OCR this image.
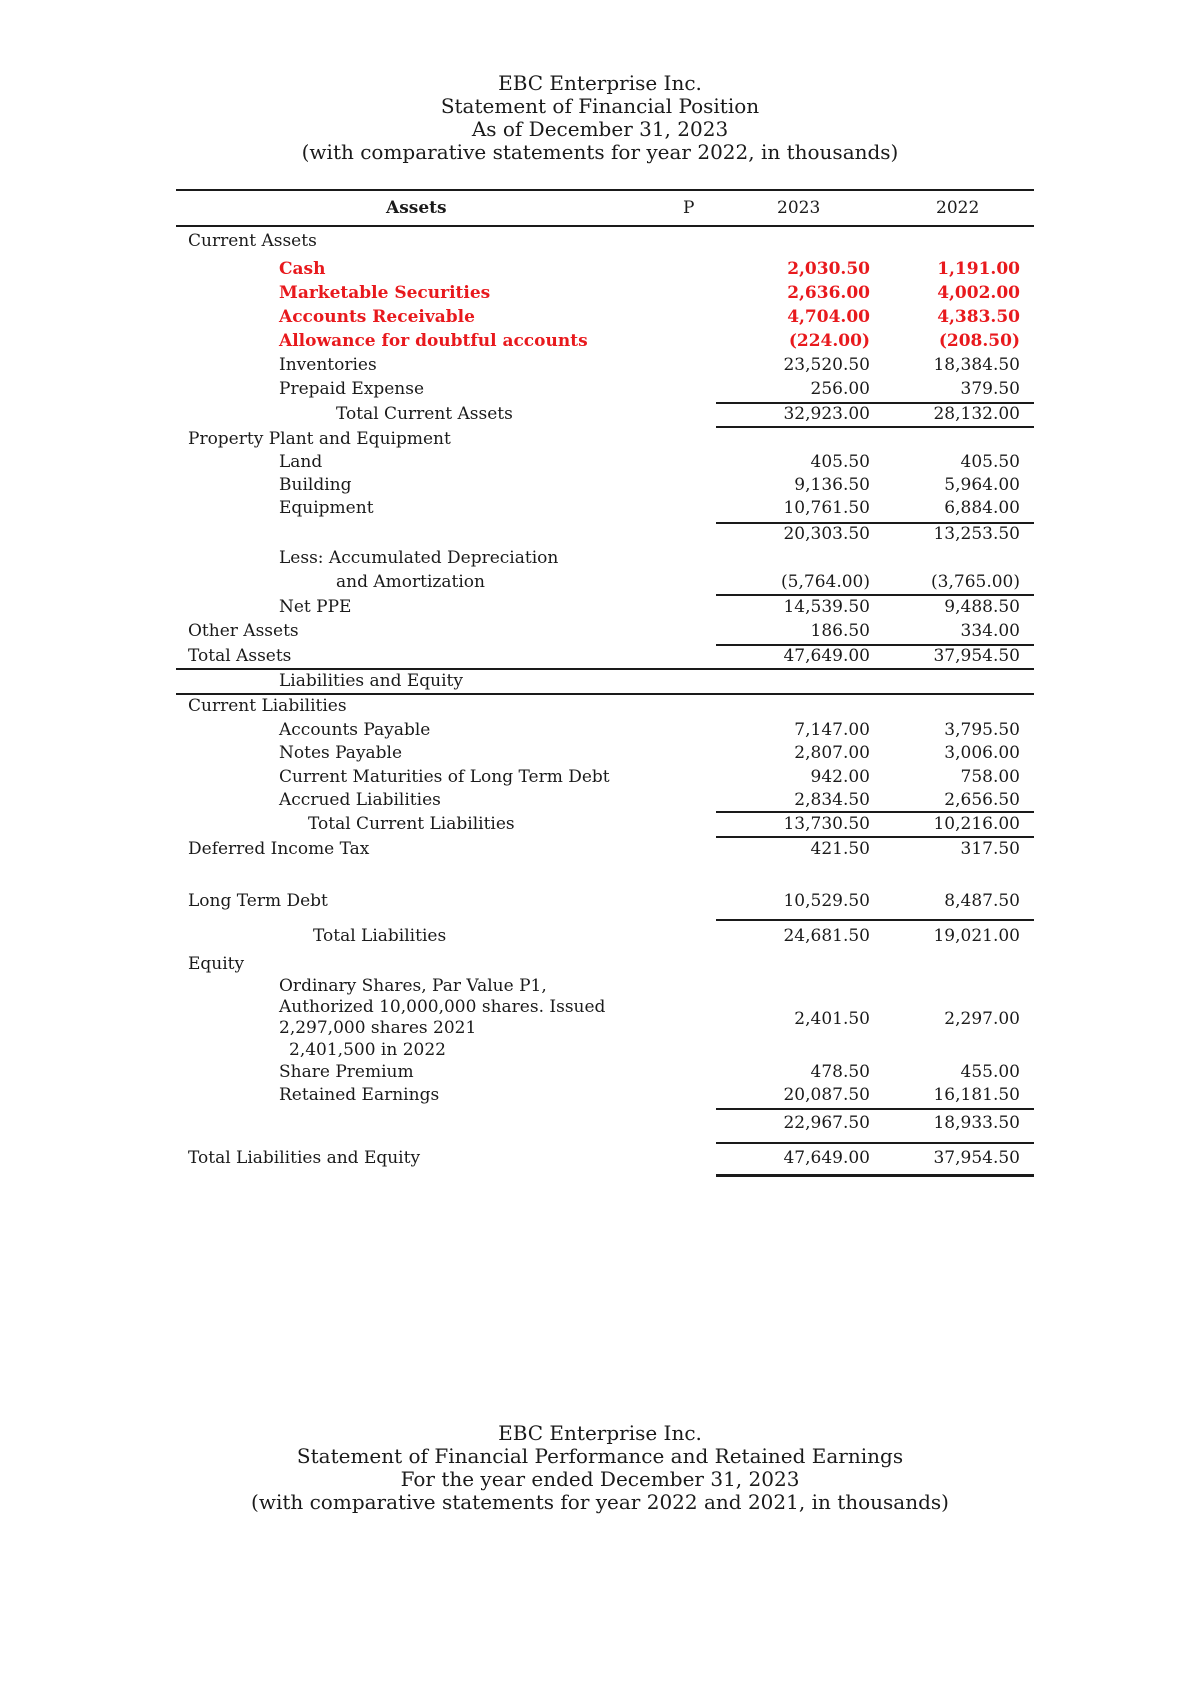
EBC Enterprise Inc.
Statement of Financial Position
As of December 31, 2023
(with comparative statements for year 2022, in thousands)
Assets	P	2023	2022
Current Assets
Cash	2,030.50	1,191.00
Marketable Securities	2,636.00	4,002.00
Accounts Receivable	4,704.00	4,383.50
Allowance for doubtful accounts	(224.00)	(208.50)
Inventories	23,520.50	18,384.50
Prepaid Expense	256.00	379.50
Total Current Assets	32,923.00	28,132.00
Property Plant and Equipment
Land	405.50	405.50
Building	9,136.50	5,964.00
Equipment	10,761.50	6,884.00
20,303.50	13,253.50
Less: Accumulated Depreciation
and Amortization	(5,764.00)	(3,765.00)
Net PPE	14,539.50	9,488.50
Other Assets	186.50	334.00
Total Assets	47,649.00	37,954.50
Liabilities and Equity
Current Liabilities
Accounts Payable	7,147.00	3,795.50
Notes Payable	2,807.00	3,006.00
Current Maturities of Long Term Debt	942.00	758.00
Accrued Liabilities	2,834.50	2,656.50
Total Current Liabilities	13,730.50	10,216.00
Deferred Income Tax	421.50	317.50
Long Term Debt	10,529.50	8,487.50
Total Liabilities	24,681.50	19,021.00
Equity
Ordinary Shares, Par Value P1,
Authorized 10,000,000 shares. Issued
2,297,000 shares 2021
2,401,500 in 2022
2,401.50	2,297.00
Share Premium	478.50	455.00
Retained Earnings	20,087.50	16,181.50
22,967.50	18,933.50
Total Liabilities and Equity	47,649.00	37,954.50
EBC Enterprise Inc.
Statement of Financial Performance and Retained Earnings
For the year ended December 31, 2023
(with comparative statements for year 2022 and 2021, in thousands)
